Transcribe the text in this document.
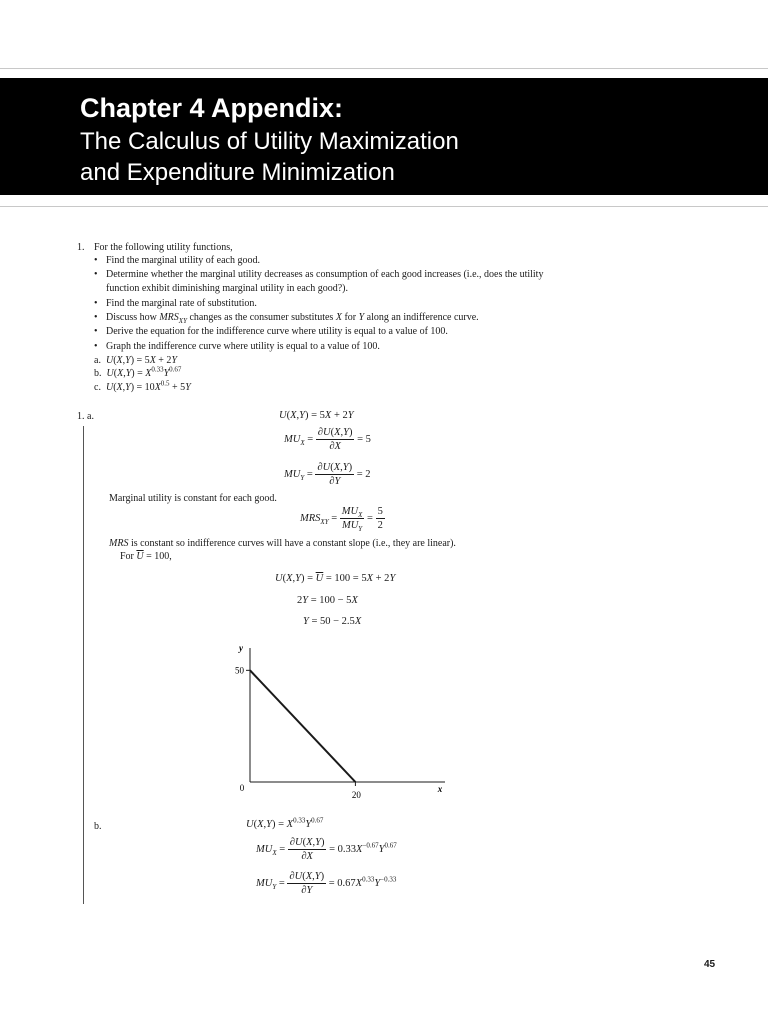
Chapter 4 Appendix:
The Calculus of Utility Maximization
and Expenditure Minimization
1. For the following utility functions,
• Find the marginal utility of each good.
• Determine whether the marginal utility decreases as consumption of each good increases (i.e., does the utility
function exhibit diminishing marginal utility in each good?).
• Find the marginal rate of substitution.
• Discuss how $MRS_{XY}$ changes as the consumer substitutes X for Y along an indifference curve.
• Derive the equation for the indifference curve where utility is equal to a value of 100.
• Graph the indifference curve where utility is equal to a value of 100.
a. U(X,Y) = 5X + 2Y
b. $U(X,Y) = X^{0.33}Y^{0.67}$
c. $U(X,Y) = 10X^{0.5} + 5Y$
1. a.	U(X,Y) = 5X + 2Y
$MU_X = \frac{\partial U(X,Y)}{\partial X} = 5$
$MU_Y = \frac{\partial U(X,Y)}{\partial Y} = 2$
Marginal utility is constant for each good.
$MRS_{XY} = \frac{MU_X}{MU_Y} = \frac{5}{2}$
MRS is constant so indifference curves will have a constant slope (i.e., they are linear).
For $\overline{U} = 100$,
$U(X,Y) = \overline{U} = 100 = 5X + 2Y$
2Y = 100 − 5X
Y = 50 − 2.5X
y
x
50
0
20
b.	$U(X,Y) = X^{0.33}Y^{0.67}$
$MU_X = \frac{\partial U(X,Y)}{\partial X} = 0.33X^{-0.67}Y^{0.67}$
$MU_Y = \frac{\partial U(X,Y)}{\partial Y} = 0.67X^{0.33}Y^{-0.33}$
45
